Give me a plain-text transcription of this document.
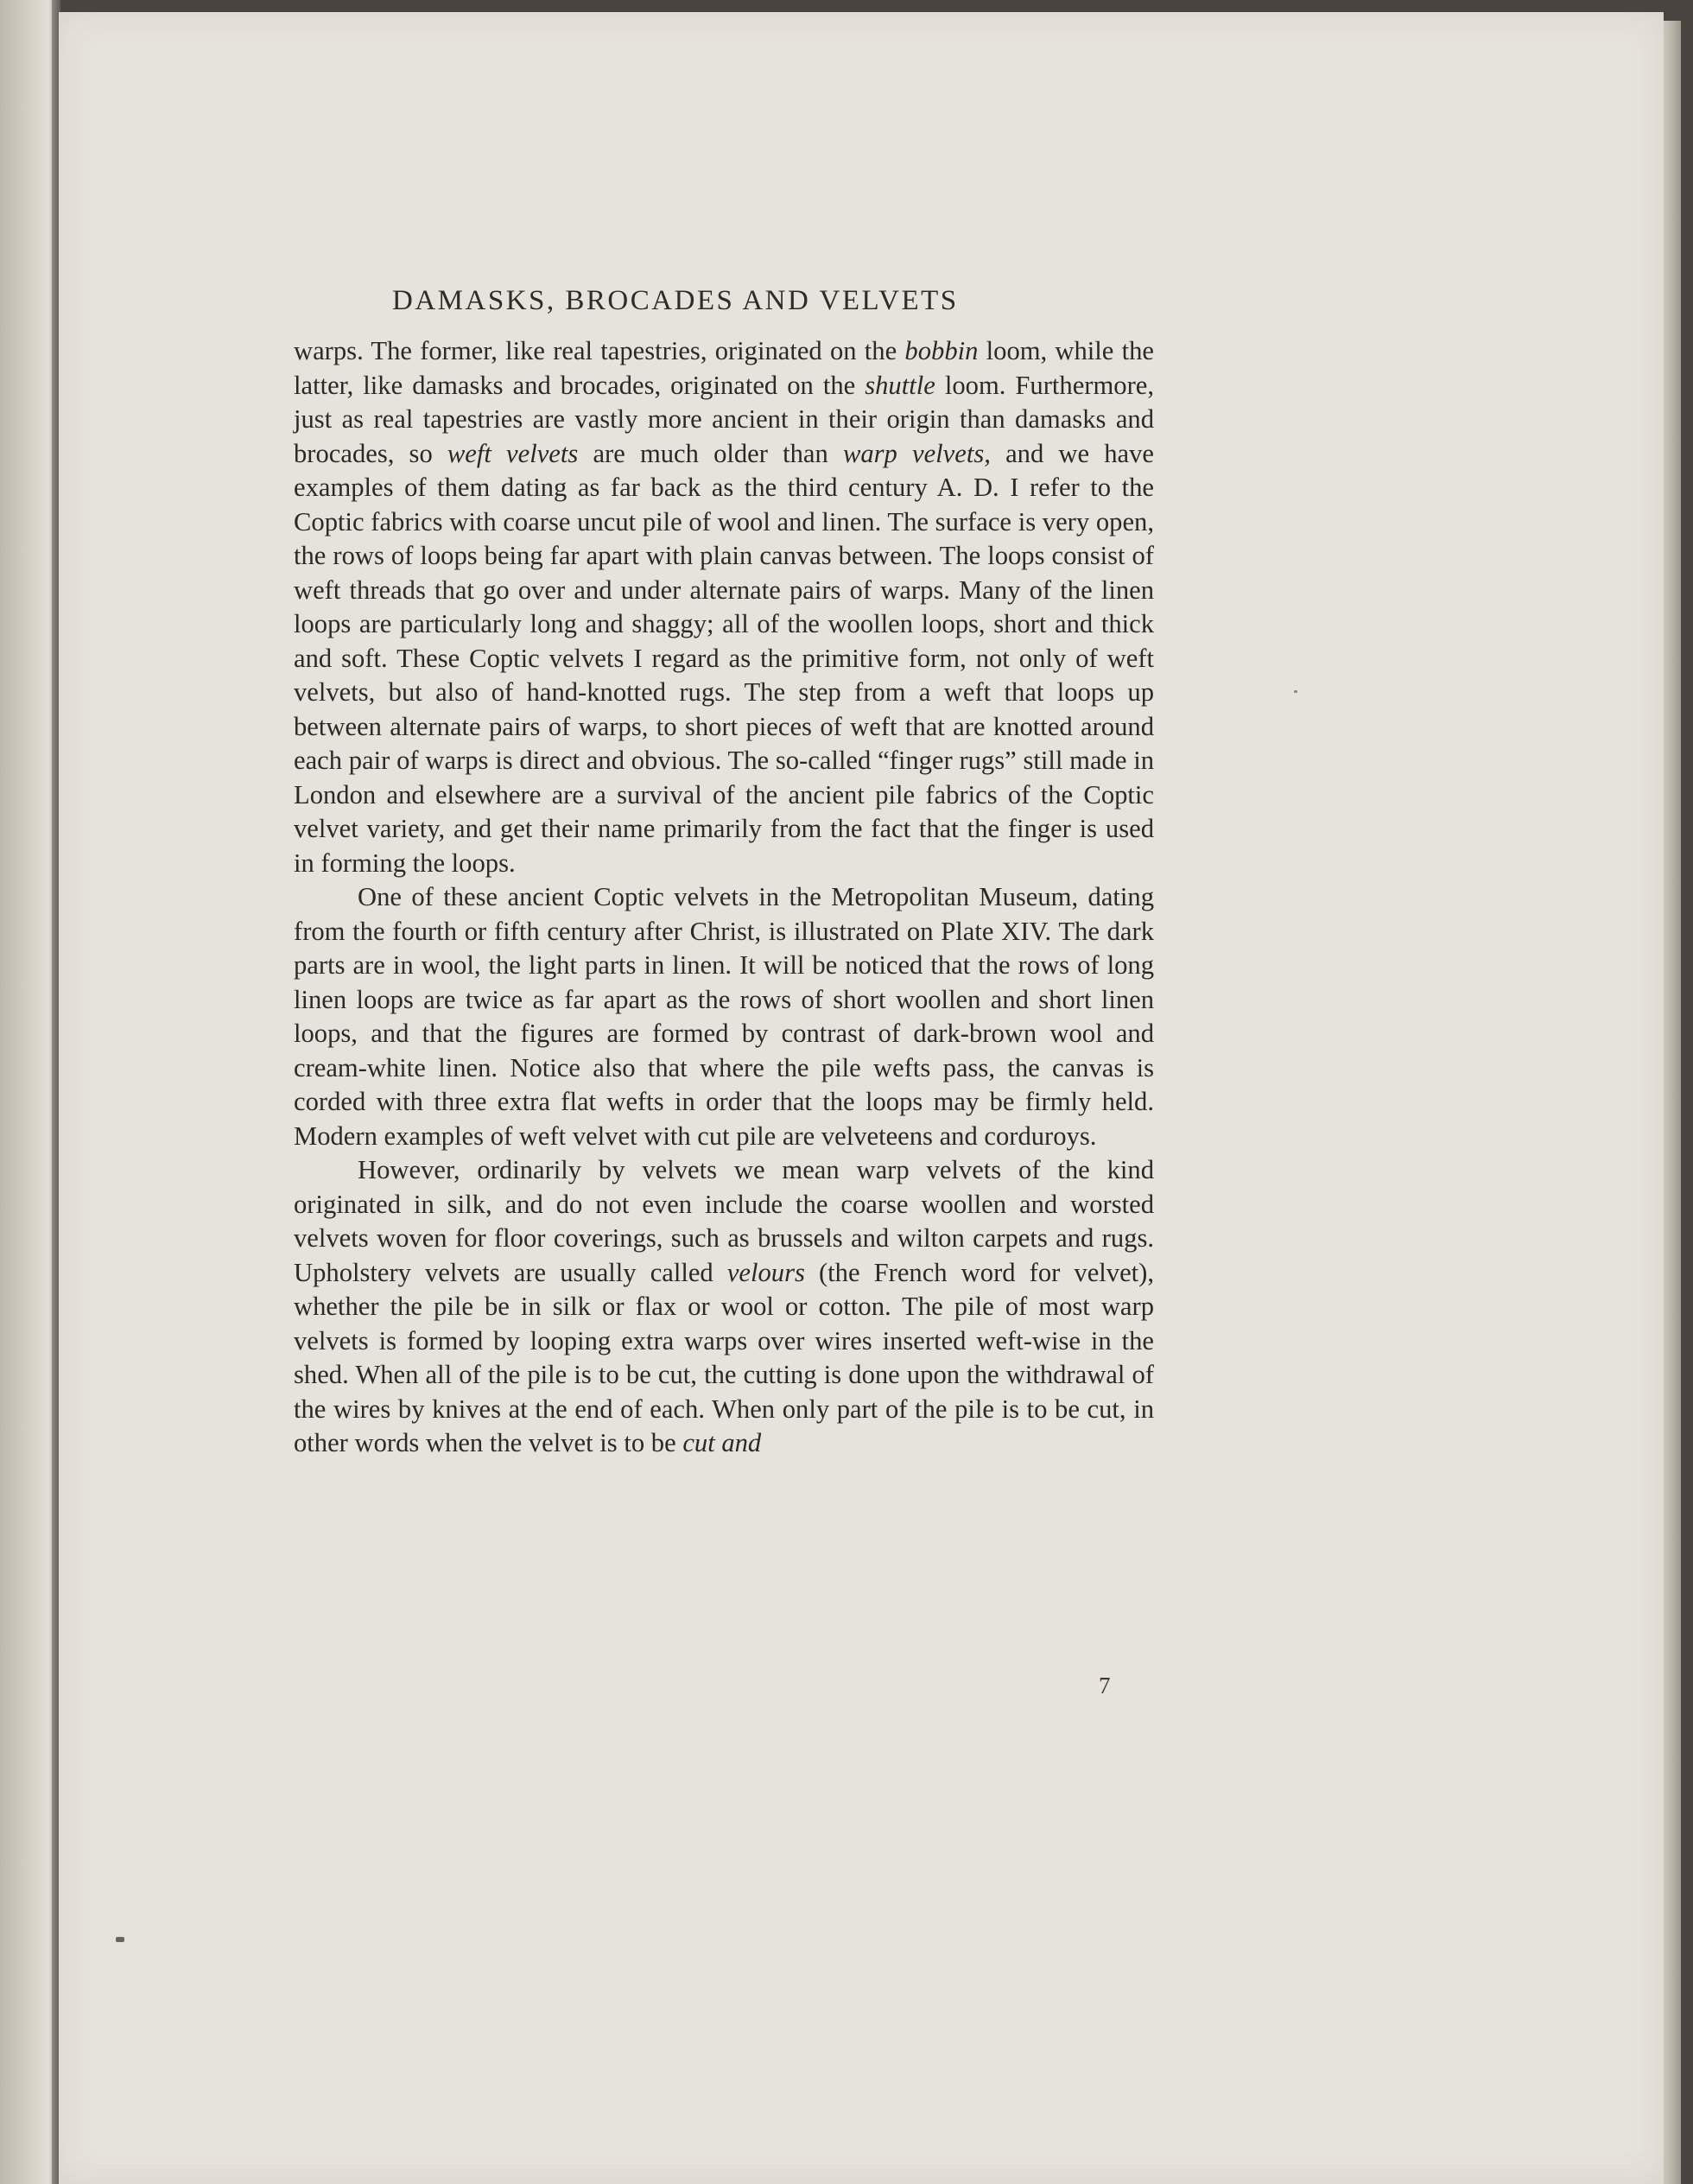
DAMASKS, BROCADES AND VELVETS

warps. The former, like real tapestries, originated on the bobbin loom, while the latter, like damasks and brocades, originated on the shuttle loom. Furthermore, just as real tapestries are vastly more ancient in their origin than damasks and brocades, so weft velvets are much older than warp velvets, and we have examples of them dating as far back as the third century A. D. I refer to the Coptic fabrics with coarse uncut pile of wool and linen. The surface is very open, the rows of loops being far apart with plain canvas between. The loops consist of weft threads that go over and under alternate pairs of warps. Many of the linen loops are particularly long and shaggy; all of the woollen loops, short and thick and soft. These Coptic velvets I regard as the primitive form, not only of weft velvets, but also of hand-knotted rugs. The step from a weft that loops up between alternate pairs of warps, to short pieces of weft that are knotted around each pair of warps is direct and obvious. The so-called “finger rugs” still made in London and elsewhere are a survival of the ancient pile fabrics of the Coptic velvet variety, and get their name primarily from the fact that the finger is used in forming the loops.

One of these ancient Coptic velvets in the Metropolitan Museum, dating from the fourth or fifth century after Christ, is illustrated on Plate XIV. The dark parts are in wool, the light parts in linen. It will be noticed that the rows of long linen loops are twice as far apart as the rows of short woollen and short linen loops, and that the figures are formed by contrast of dark-brown wool and cream-white linen. Notice also that where the pile wefts pass, the canvas is corded with three extra flat wefts in order that the loops may be firmly held. Modern examples of weft velvet with cut pile are velveteens and corduroys.

However, ordinarily by velvets we mean warp velvets of the kind originated in silk, and do not even include the coarse woollen and worsted velvets woven for floor coverings, such as brussels and wilton carpets and rugs. Upholstery velvets are usually called velours (the French word for velvet), whether the pile be in silk or flax or wool or cotton. The pile of most warp velvets is formed by looping extra warps over wires inserted weft-wise in the shed. When all of the pile is to be cut, the cutting is done upon the withdrawal of the wires by knives at the end of each. When only part of the pile is to be cut, in other words when the velvet is to be cut and

7
